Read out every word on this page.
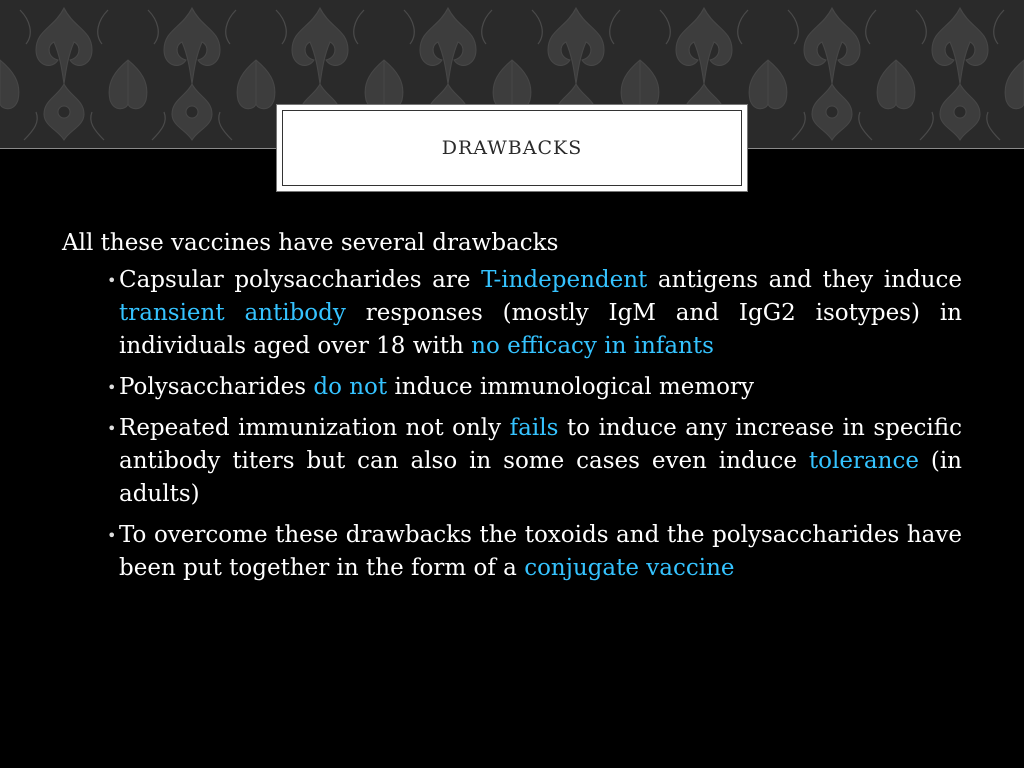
DRAWBACKS

All these vaccines have several drawbacks

• Capsular polysaccharides are T-independent antigens and they induce transient antibody responses (mostly IgM and IgG2 isotypes) in individuals aged over 18 with no efficacy in infants
• Polysaccharides do not induce immunological memory
• Repeated immunization not only fails to induce any increase in specific antibody titers but can also in some cases even induce tolerance (in adults)
• To overcome these drawbacks the toxoids and the polysaccharides have been put together in the form of a conjugate vaccine
